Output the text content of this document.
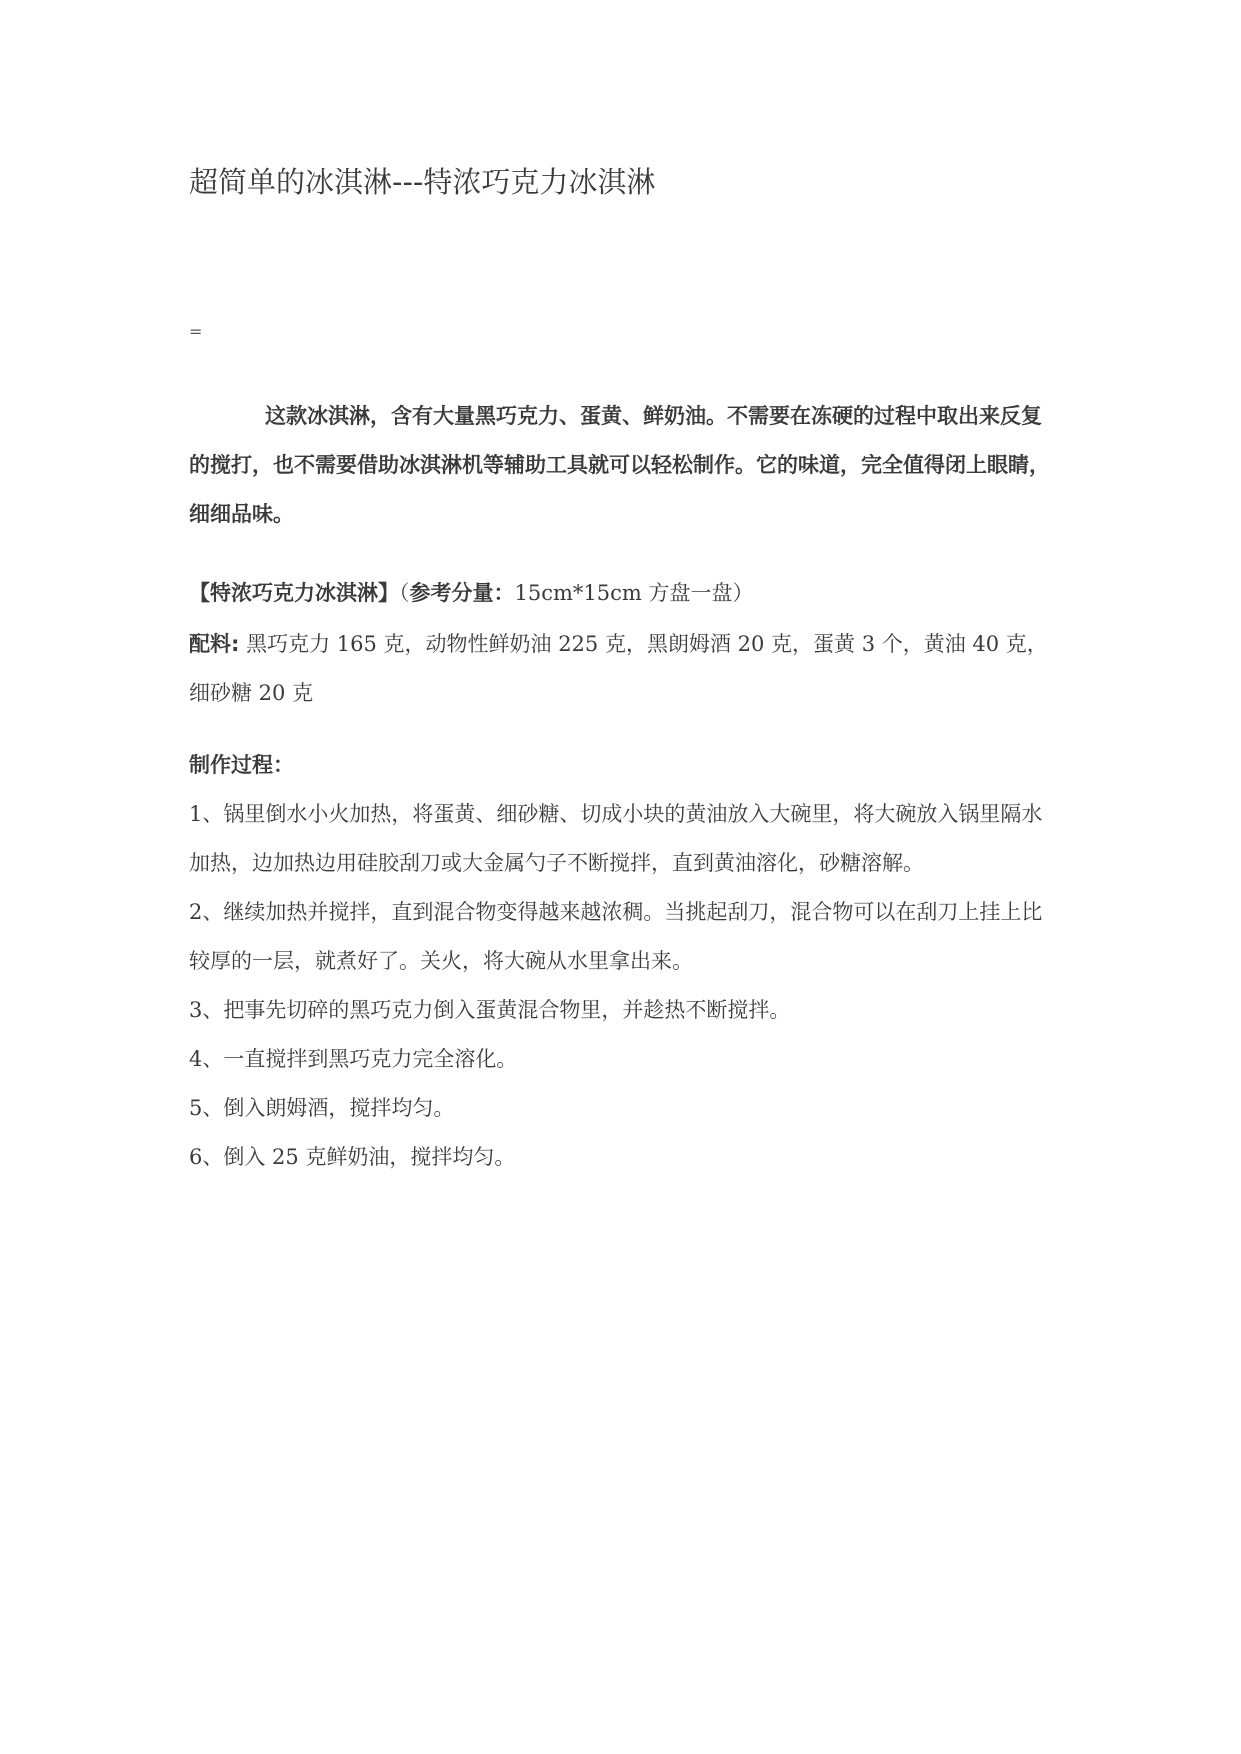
超简单的冰淇淋---特浓巧克力冰淇淋
=

这款冰淇淋，含有大量黑巧克力、蛋黄、鲜奶油。不需要在冻硬的过程中取出来反复的搅打，也不需要借助冰淇淋机等辅助工具就可以轻松制作。它的味道，完全值得闭上眼睛，细细品味。

【特浓巧克力冰淇淋】（参考分量：15cm*15cm 方盘一盘）

配料: 黑巧克力 165 克，动物性鲜奶油 225 克，黑朗姆酒 20 克，蛋黄 3 个，黄油 40 克，细砂糖 20 克

制作过程：
1、锅里倒水小火加热，将蛋黄、细砂糖、切成小块的黄油放入大碗里，将大碗放入锅里隔水加热，边加热边用硅胶刮刀或大金属勺子不断搅拌，直到黄油溶化，砂糖溶解。
2、继续加热并搅拌，直到混合物变得越来越浓稠。当挑起刮刀，混合物可以在刮刀上挂上比较厚的一层，就煮好了。关火，将大碗从水里拿出来。
3、把事先切碎的黑巧克力倒入蛋黄混合物里，并趁热不断搅拌。
4、一直搅拌到黑巧克力完全溶化。
5、倒入朗姆酒，搅拌均匀。
6、倒入 25 克鲜奶油，搅拌均匀。
